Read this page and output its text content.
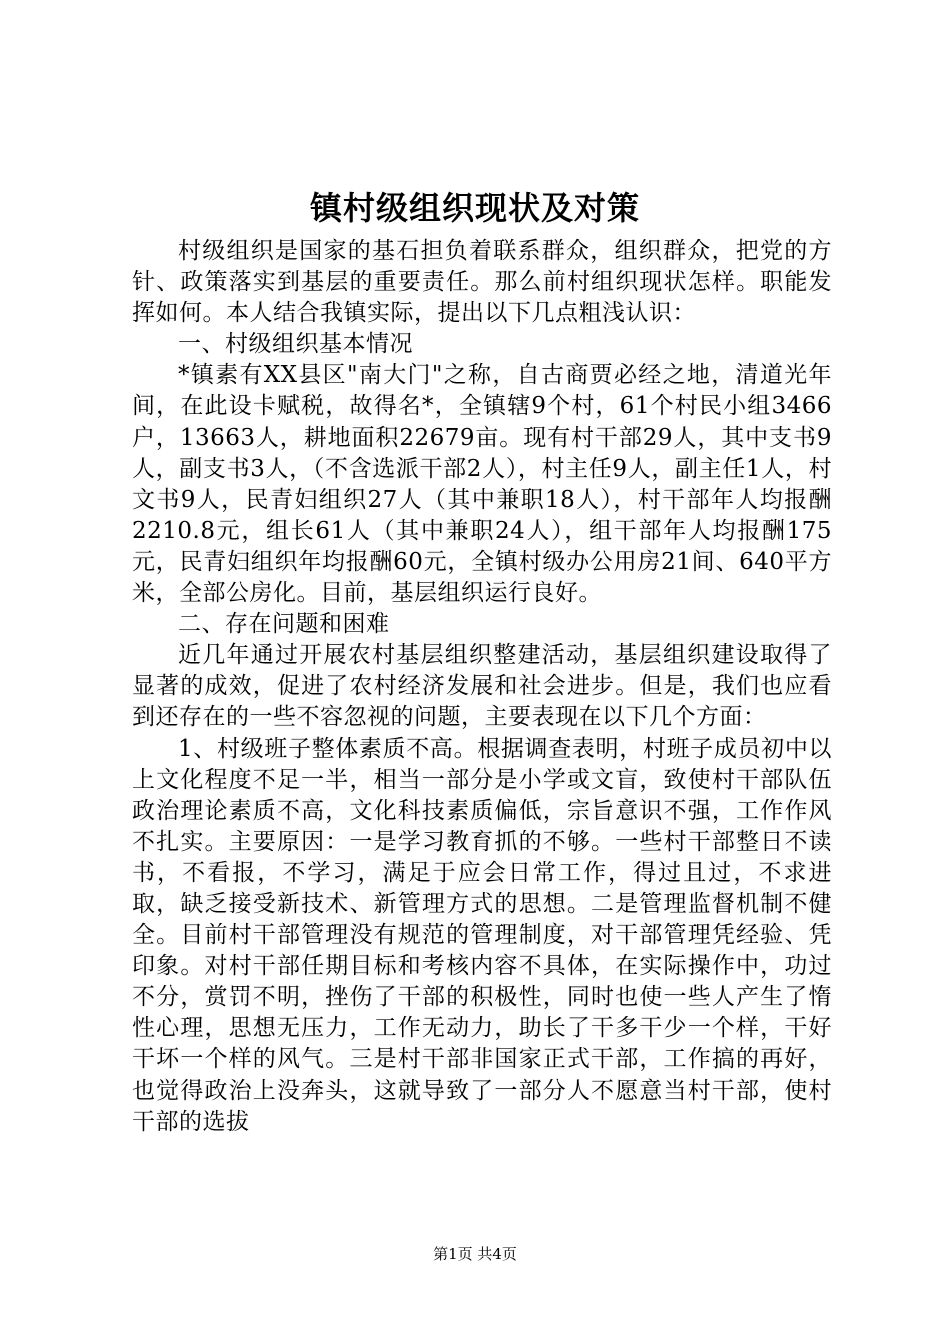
镇村级组织现状及对策

村级组织是国家的基石担负着联系群众，组织群众，把党的方针、政策落实到基层的重要责任。那么前村组织现状怎样。职能发挥如何。本人结合我镇实际，提出以下几点粗浅认识：

一、村级组织基本情况

*镇素有XX县区"南大门"之称，自古商贾必经之地，清道光年间，在此设卡赋税，故得名*，全镇辖9个村，61个村民小组3466户，13663人，耕地面积22679亩。现有村干部29人，其中支书9人，副支书3人，（不含选派干部2人），村主任9人，副主任1人，村文书9人，民青妇组织27人（其中兼职18人），村干部年人均报酬2210.8元，组长61人（其中兼职24人），组干部年人均报酬175元，民青妇组织年均报酬60元，全镇村级办公用房21间、640平方米，全部公房化。目前，基层组织运行良好。

二、存在问题和困难

近几年通过开展农村基层组织整建活动，基层组织建设取得了显著的成效，促进了农村经济发展和社会进步。但是，我们也应看到还存在的一些不容忽视的问题，主要表现在以下几个方面：

1、村级班子整体素质不高。根据调查表明，村班子成员初中以上文化程度不足一半，相当一部分是小学或文盲，致使村干部队伍政治理论素质不高，文化科技素质偏低，宗旨意识不强，工作作风不扎实。主要原因：一是学习教育抓的不够。一些村干部整日不读书，不看报，不学习，满足于应会日常工作，得过且过，不求进取，缺乏接受新技术、新管理方式的思想。二是管理监督机制不健全。目前村干部管理没有规范的管理制度，对干部管理凭经验、凭印象。对村干部任期目标和考核内容不具体，在实际操作中，功过不分，赏罚不明，挫伤了干部的积极性，同时也使一些人产生了惰性心理，思想无压力，工作无动力，助长了干多干少一个样，干好干坏一个样的风气。三是村干部非国家正式干部，工作搞的再好，也觉得政治上没奔头，这就导致了一部分人不愿意当村干部，使村干部的选拔

第1页 共4页
